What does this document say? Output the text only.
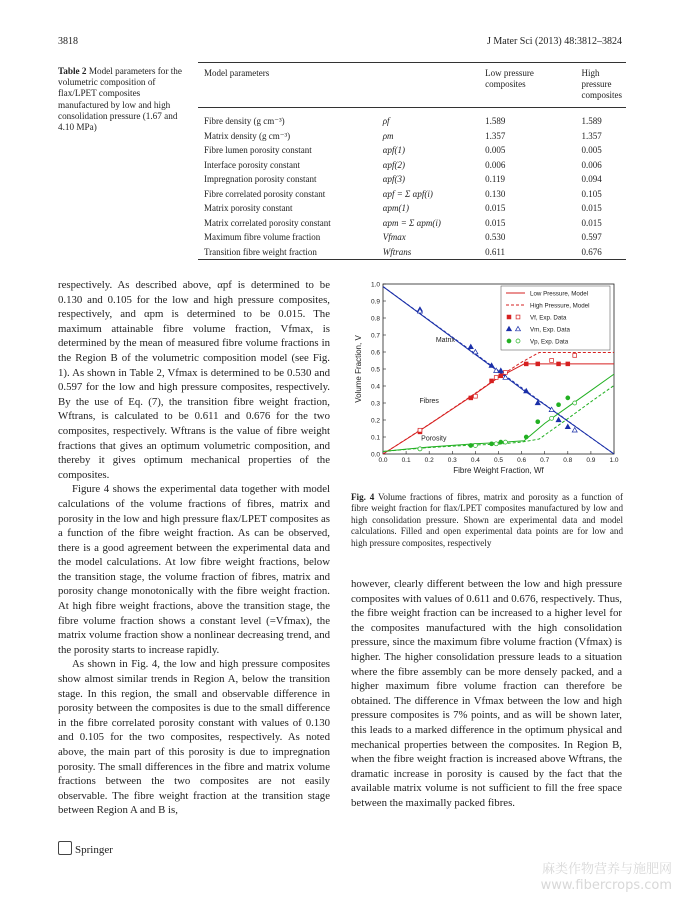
3818	J Mater Sci (2013) 48:3812–3824
Table 2 Model parameters for the volumetric composition of flax/LPET composites manufactured by low and high consolidation pressure (1.67 and 4.10 MPa)
Model parameters		Low pressure composites	High pressure composites
Fibre density (g cm⁻³)	ρf	1.589	1.589
Matrix density (g cm⁻³)	ρm	1.357	1.357
Fibre lumen porosity constant	αpf(1)	0.005	0.005
Interface porosity constant	αpf(2)	0.006	0.006
Impregnation porosity constant	αpf(3)	0.119	0.094
Fibre correlated porosity constant	αpf = Σ αpf(i)	0.130	0.105
Matrix porosity constant	αpm(1)	0.015	0.015
Matrix correlated porosity constant	αpm = Σ αpm(i)	0.015	0.015
Maximum fibre volume fraction	Vfmax	0.530	0.597
Transition fibre weight fraction	Wftrans	0.611	0.676

respectively. As described above, αpf is determined to be 0.130 and 0.105 for the low and high pressure composites, respectively, and αpm is determined to be 0.015. The maximum attainable fibre volume fraction, Vfmax, is determined by the mean of measured fibre volume fractions in the Region B of the volumetric composition model (see Fig. 1). As shown in Table 2, Vfmax is determined to be 0.530 and 0.597 for the low and high pressure composites, respectively. By the use of Eq. (7), the transition fibre weight fraction, Wftrans, is calculated to be 0.611 and 0.676 for the two composites, respectively. Wftrans is the value of fibre weight fractions that gives an optimum volumetric composition, and thereby it gives optimum mechanical properties of the composites.

Figure 4 shows the experimental data together with model calculations of the volume fractions of fibres, matrix and porosity in the low and high pressure flax/LPET composites as a function of the fibre weight fraction. As can be observed, there is a good agreement between the experimental data and the model calculations. At low fibre weight fractions, below the transition stage, the volume fraction of fibres, matrix and porosity change monotonically with the fibre weight fraction. At high fibre weight fractions, above the transition stage, the fibre volume fraction shows a constant level (=Vfmax), the matrix volume fraction show a nonlinear decreasing trend, and the porosity starts to increase rapidly.

As shown in Fig. 4, the low and high pressure composites show almost similar trends in Region A, below the transition stage. In this region, the small and observable difference in porosity between the composites is due to the small difference in the fibre correlated porosity constant with values of 0.130 and 0.105 for the two composites, respectively. As noted above, the main part of this porosity is due to impregnation porosity. The small differences in the fibre and matrix volume fractions between the two composites are not easily observable. The fibre weight fraction at the transition stage between Region A and B is,

0.0 0.1 0.2 0.3 0.4 0.5 0.6 0.7 0.8 0.9 1.0
0.0
0.1
0.2
0.3
0.4
0.5
0.6
0.7
0.8
0.9
1.0
Fibre Weight Fraction, Wf
Volume Fraction, V	Matrix
Fibres
Porosity
Low Pressure, Model
High Pressure, Model
Vf, Exp. Data
Vm, Exp. Data
Vp, Exp. Data
Fig. 4 Volume fractions of fibres, matrix and porosity as a function of fibre weight fraction for flax/LPET composites manufactured by low and high consolidation pressure. Shown are experimental data and model calculations. Filled and open experimental data points are for low and high pressure composites, respectively

however, clearly different between the low and high pressure composites with values of 0.611 and 0.676, respectively. Thus, the fibre weight fraction can be increased to a higher level for the composites manufactured with the high consolidation pressure, since the maximum fibre volume fraction (Vfmax) is higher. The higher consolidation pressure leads to a situation where the fibre assembly can be more densely packed, and a higher maximum fibre volume fraction can therefore be obtained. The difference in Vfmax between the low and high pressure composites is 7% points, and as will be shown later, this leads to a marked difference in the optimum physical and mechanical properties between the composites. In Region B, when the fibre weight fraction is increased above Wftrans, the dramatic increase in porosity is caused by the fact that the available matrix volume is not sufficient to fill the free space between the maximally packed fibres.

Springer
麻类作物营养与施肥网
www.fibercrops.com
